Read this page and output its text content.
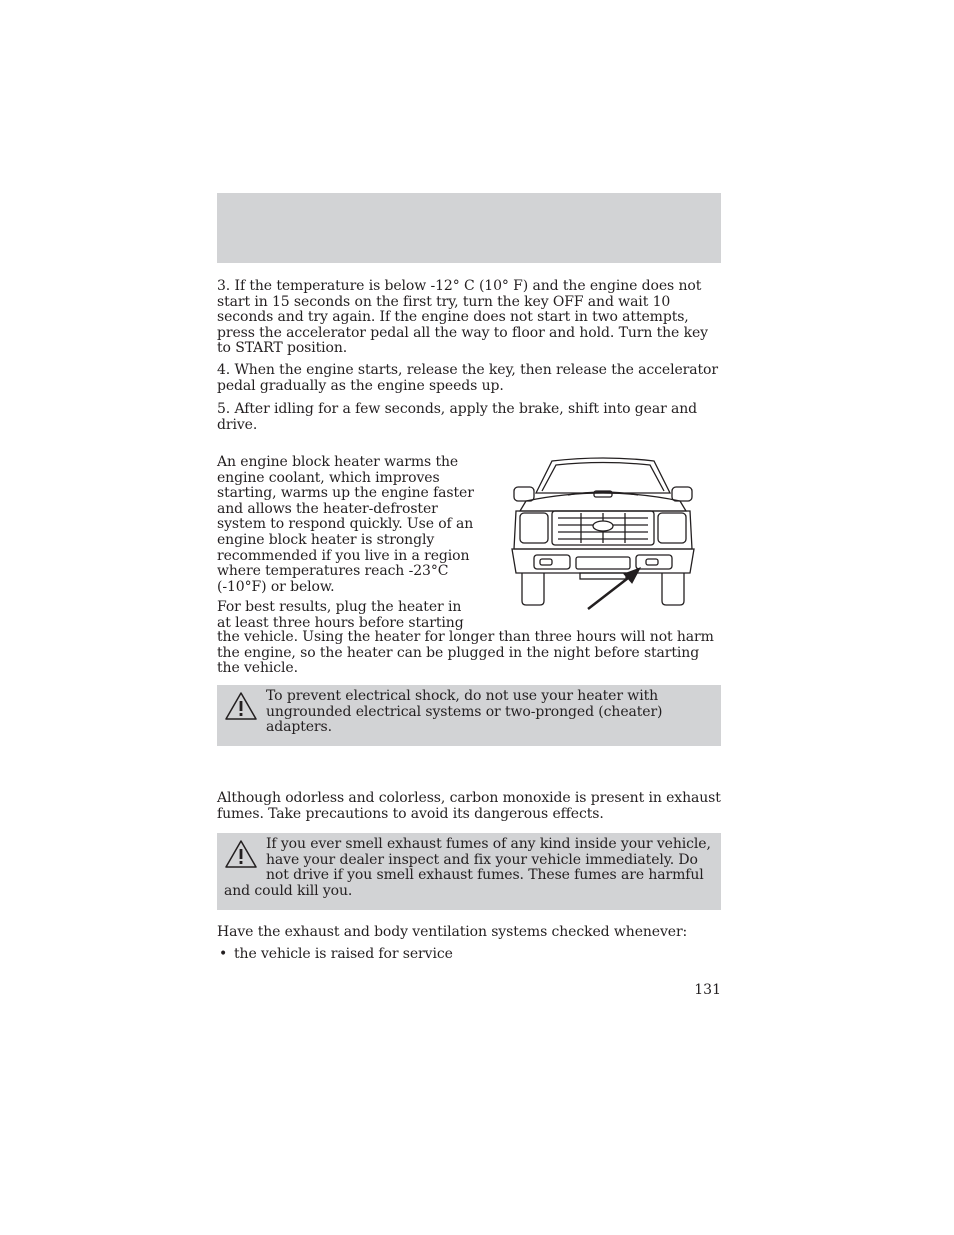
3. If the temperature is below -12° C (10° F) and the engine does not start in 15 seconds on the first try, turn the key OFF and wait 10 seconds and try again. If the engine does not start in two attempts, press the accelerator pedal all the way to floor and hold. Turn the key to START position.

4. When the engine starts, release the key, then release the accelerator pedal gradually as the engine speeds up.

5. After idling for a few seconds, apply the brake, shift into gear and drive.

An engine block heater warms the engine coolant, which improves starting, warms up the engine faster and allows the heater-defroster system to respond quickly. Use of an engine block heater is strongly recommended if you live in a region where temperatures reach -23°C (-10°F) or below.

For best results, plug the heater in at least three hours before starting

the vehicle. Using the heater for longer than three hours will not harm the engine, so the heater can be plugged in the night before starting the vehicle.

To prevent electrical shock, do not use your heater with ungrounded electrical systems or two-pronged (cheater) adapters.

Although odorless and colorless, carbon monoxide is present in exhaust fumes. Take precautions to avoid its dangerous effects.

If you ever smell exhaust fumes of any kind inside your vehicle, have your dealer inspect and fix your vehicle immediately. Do not drive if you smell exhaust fumes. These fumes are harmful and could kill you.

Have the exhaust and body ventilation systems checked whenever:

• the vehicle is raised for service
131
